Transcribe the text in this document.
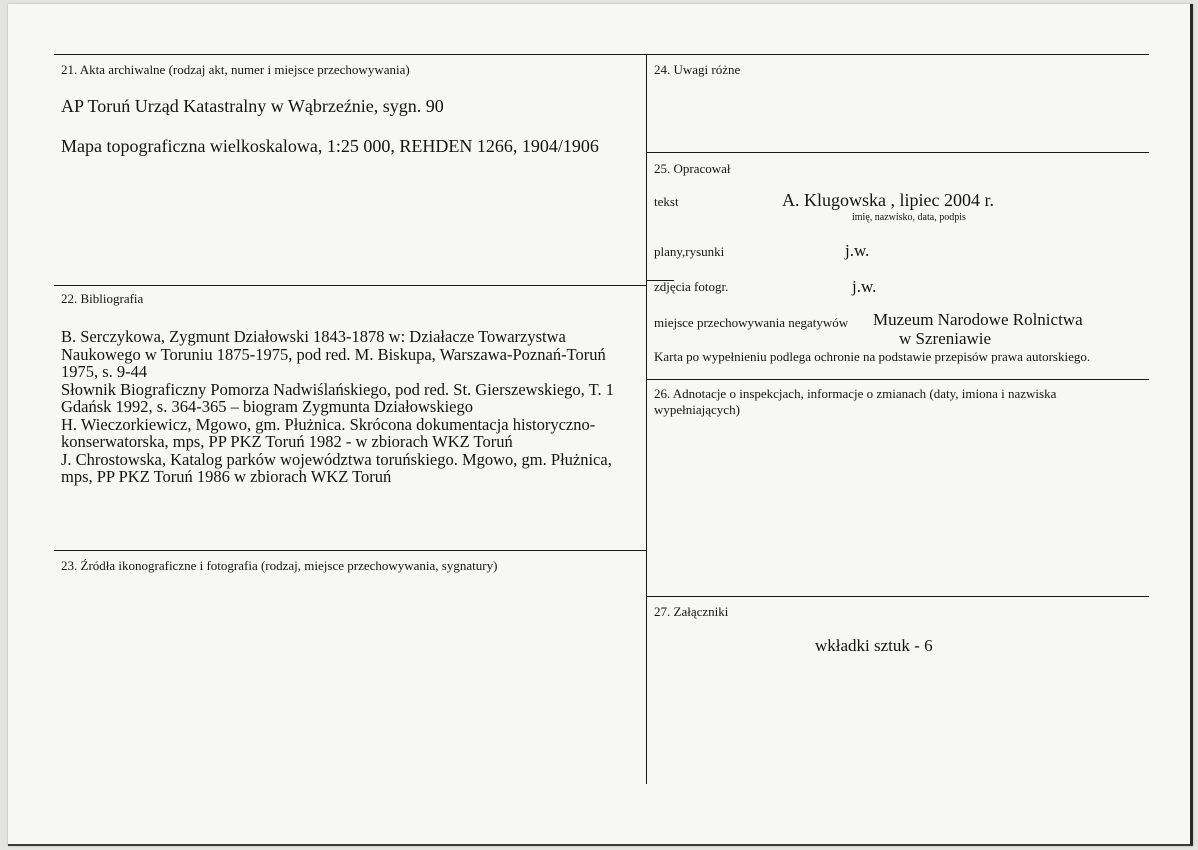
21. Akta archiwalne (rodzaj akt, numer i miejsce przechowywania)
AP Toruń Urząd Katastralny w Wąbrzeźnie, sygn. 90
Mapa topograficzna wielkoskalowa, 1:25 000, REHDEN 1266, 1904/1906
22. Bibliografia
B. Serczykowa, Zygmunt Działowski 1843-1878 w: Działacze Towarzystwa
Naukowego w Toruniu 1875-1975, pod red. M. Biskupa, Warszawa-Poznań-Toruń
1975, s. 9-44
Słownik Biograficzny Pomorza Nadwiślańskiego, pod red. St. Gierszewskiego, T. 1
Gdańsk 1992, s. 364-365 – biogram Zygmunta Działowskiego
H. Wieczorkiewicz, Mgowo, gm. Płużnica. Skrócona dokumentacja historyczno-
konserwatorska, mps, PP PKZ Toruń 1982 - w zbiorach WKZ Toruń
J. Chrostowska, Katalog parków województwa toruńskiego. Mgowo, gm. Płużnica,
mps, PP PKZ Toruń 1986 w zbiorach WKZ Toruń
23. Źródła ikonograficzne i fotografia (rodzaj, miejsce przechowywania, sygnatury)
24. Uwagi różne
25. Opracował
tekst	A. Klugowska , lipiec 2004 r.
imię, nazwisko, data, podpis
plany,rysunki	j.w.
zdjęcia fotogr.	j.w.
miejsce przechowywania negatywów Muzeum Narodowe Rolnictwa
w Szreniawie
Karta po wypełnieniu podlega ochronie na podstawie przepisów prawa autorskiego.
26. Adnotacje o inspekcjach, informacje o zmianach (daty, imiona i nazwiska
wypełniających)
27. Załączniki
wkładki sztuk - 6
